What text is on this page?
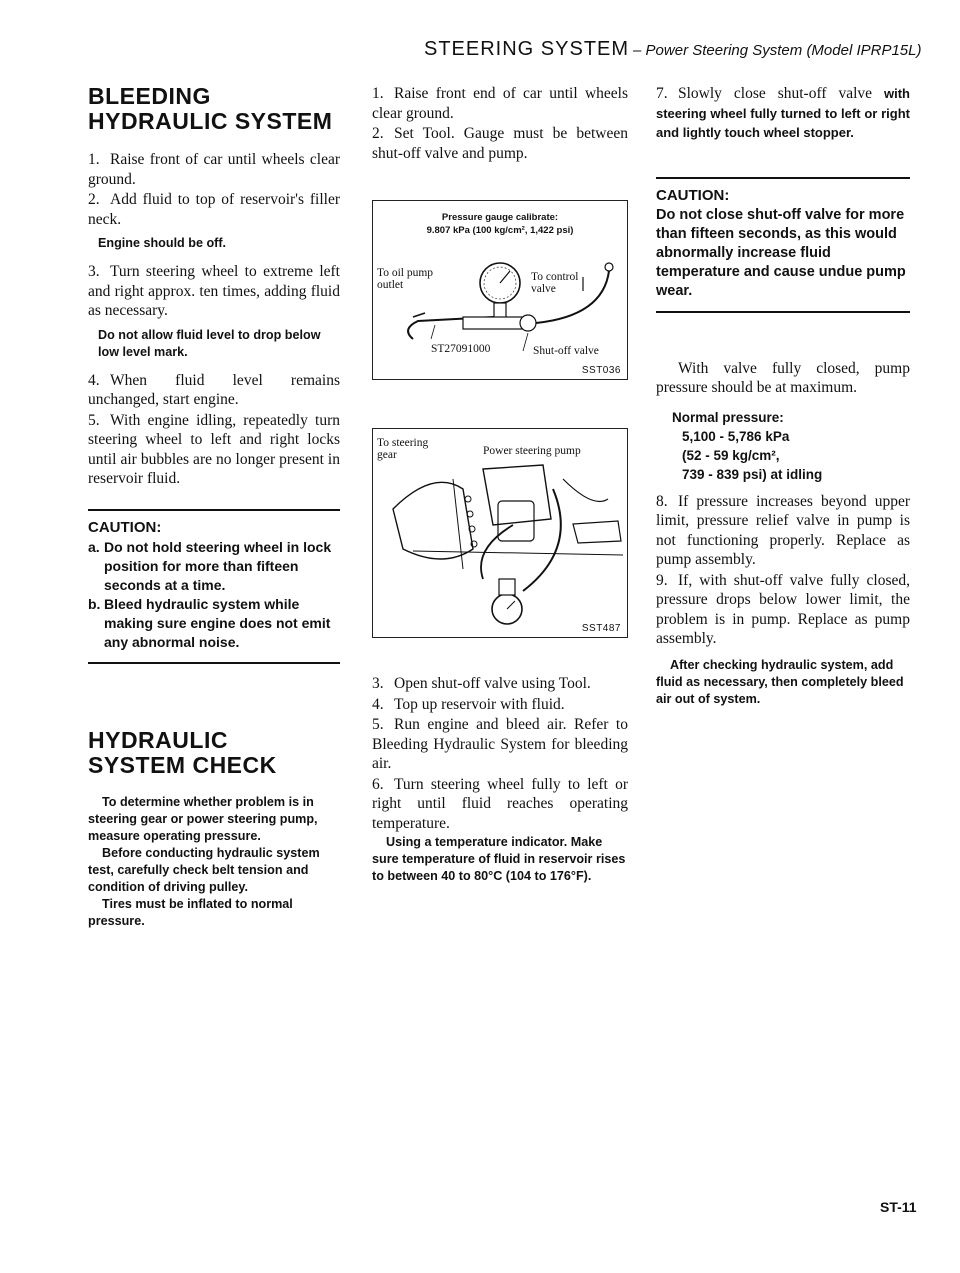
STEERING SYSTEM – Power Steering System (Model IPRP15L)
BLEEDING
HYDRAULIC SYSTEM

1. Raise front of car until wheels clear ground.

2. Add fluid to top of reservoir's filler neck.

Engine should be off.

3. Turn steering wheel to extreme left and right approx. ten times, adding fluid as necessary.

Do not allow fluid level to drop below low level mark.

4. When fluid level remains unchanged, start engine.

5. With engine idling, repeatedly turn steering wheel to left and right locks until air bubbles are no longer present in reservoir fluid.

CAUTION:
a. Do not hold steering wheel in lock position for more than fifteen seconds at a time.
b. Bleed hydraulic system while making sure engine does not emit any abnormal noise.
HYDRAULIC
SYSTEM CHECK

To determine whether problem is in steering gear or power steering pump, measure operating pressure.

Before conducting hydraulic system test, carefully check belt tension and condition of driving pulley.

Tires must be inflated to normal pressure.

1. Raise front end of car until wheels clear ground.

2. Set Tool. Gauge must be between shut-off valve and pump.

Pressure gauge calibrate:
9.807 kPa (100 kg/cm², 1,422 psi)
To oil pump outlet
To control valve
ST27091000	Shut-off valve
SST036
To steering gear	Power steering pump
SST487

3. Open shut-off valve using Tool.

4. Top up reservoir with fluid.

5. Run engine and bleed air. Refer to Bleeding Hydraulic System for bleeding air.

6. Turn steering wheel fully to left or right until fluid reaches operating temperature.

Using a temperature indicator. Make sure temperature of fluid in reservoir rises to between 40 to 80°C (104 to 176°F).

7. Slowly close shut-off valve with steering wheel fully turned to left or right and lightly touch wheel stopper.

CAUTION:
Do not close shut-off valve for more than fifteen seconds, as this would abnormally increase fluid temperature and cause undue pump wear.

With valve fully closed, pump pressure should be at maximum.

Normal pressure:
5,100 - 5,786 kPa
(52 - 59 kg/cm²,
739 - 839 psi) at idling

8. If pressure increases beyond upper limit, pressure relief valve in pump is not functioning properly. Replace as pump assembly.

9. If, with shut-off valve fully closed, pressure drops below lower limit, the problem is in pump. Replace as pump assembly.

After checking hydraulic system, add fluid as necessary, then completely bleed air out of system.

ST-11
